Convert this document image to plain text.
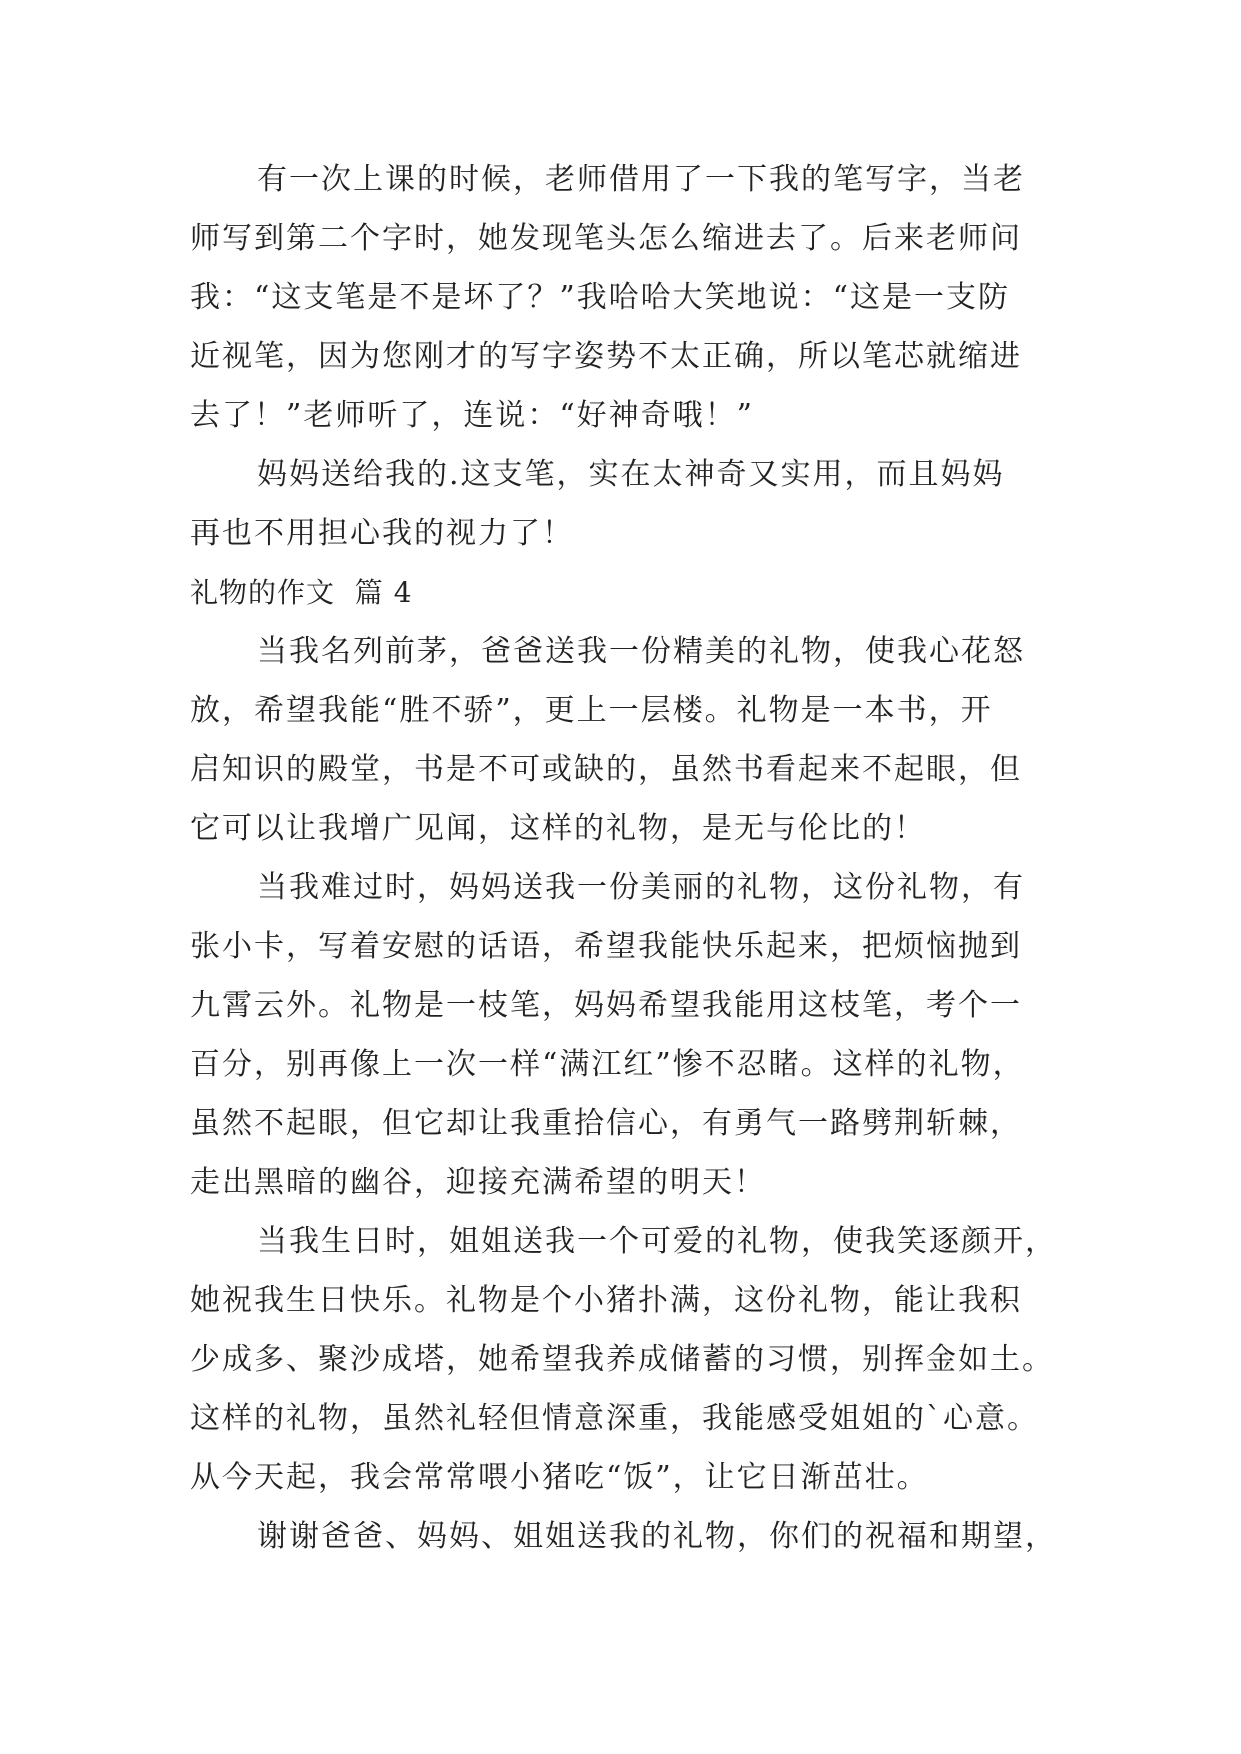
有一次上课的时候，老师借用了一下我的笔写字，当老
师写到第二个字时，她发现笔头怎么缩进去了。后来老师问
我：“这支笔是不是坏了？”我哈哈大笑地说：“这是一支防
近视笔，因为您刚才的写字姿势不太正确，所以笔芯就缩进
去了！”老师听了，连说：“好神奇哦！”
妈妈送给我的.这支笔，实在太神奇又实用，而且妈妈
再也不用担心我的视力了！
礼物的作文  篇 4
当我名列前茅，爸爸送我一份精美的礼物，使我心花怒
放，希望我能“胜不骄”，更上一层楼。礼物是一本书，开
启知识的殿堂，书是不可或缺的，虽然书看起来不起眼，但
它可以让我增广见闻，这样的礼物，是无与伦比的！
当我难过时，妈妈送我一份美丽的礼物，这份礼物，有
张小卡，写着安慰的话语，希望我能快乐起来，把烦恼抛到
九霄云外。礼物是一枝笔，妈妈希望我能用这枝笔，考个一
百分，别再像上一次一样“满江红”惨不忍睹。这样的礼物，
虽然不起眼，但它却让我重拾信心，有勇气一路劈荆斩棘，
走出黑暗的幽谷，迎接充满希望的明天！
当我生日时，姐姐送我一个可爱的礼物，使我笑逐颜开，
她祝我生日快乐。礼物是个小猪扑满，这份礼物，能让我积
少成多、聚沙成塔，她希望我养成储蓄的习惯，别挥金如土。
这样的礼物，虽然礼轻但情意深重，我能感受姐姐的`心意。
从今天起，我会常常喂小猪吃“饭”，让它日渐茁壮。
谢谢爸爸、妈妈、姐姐送我的礼物，你们的祝福和期望，
